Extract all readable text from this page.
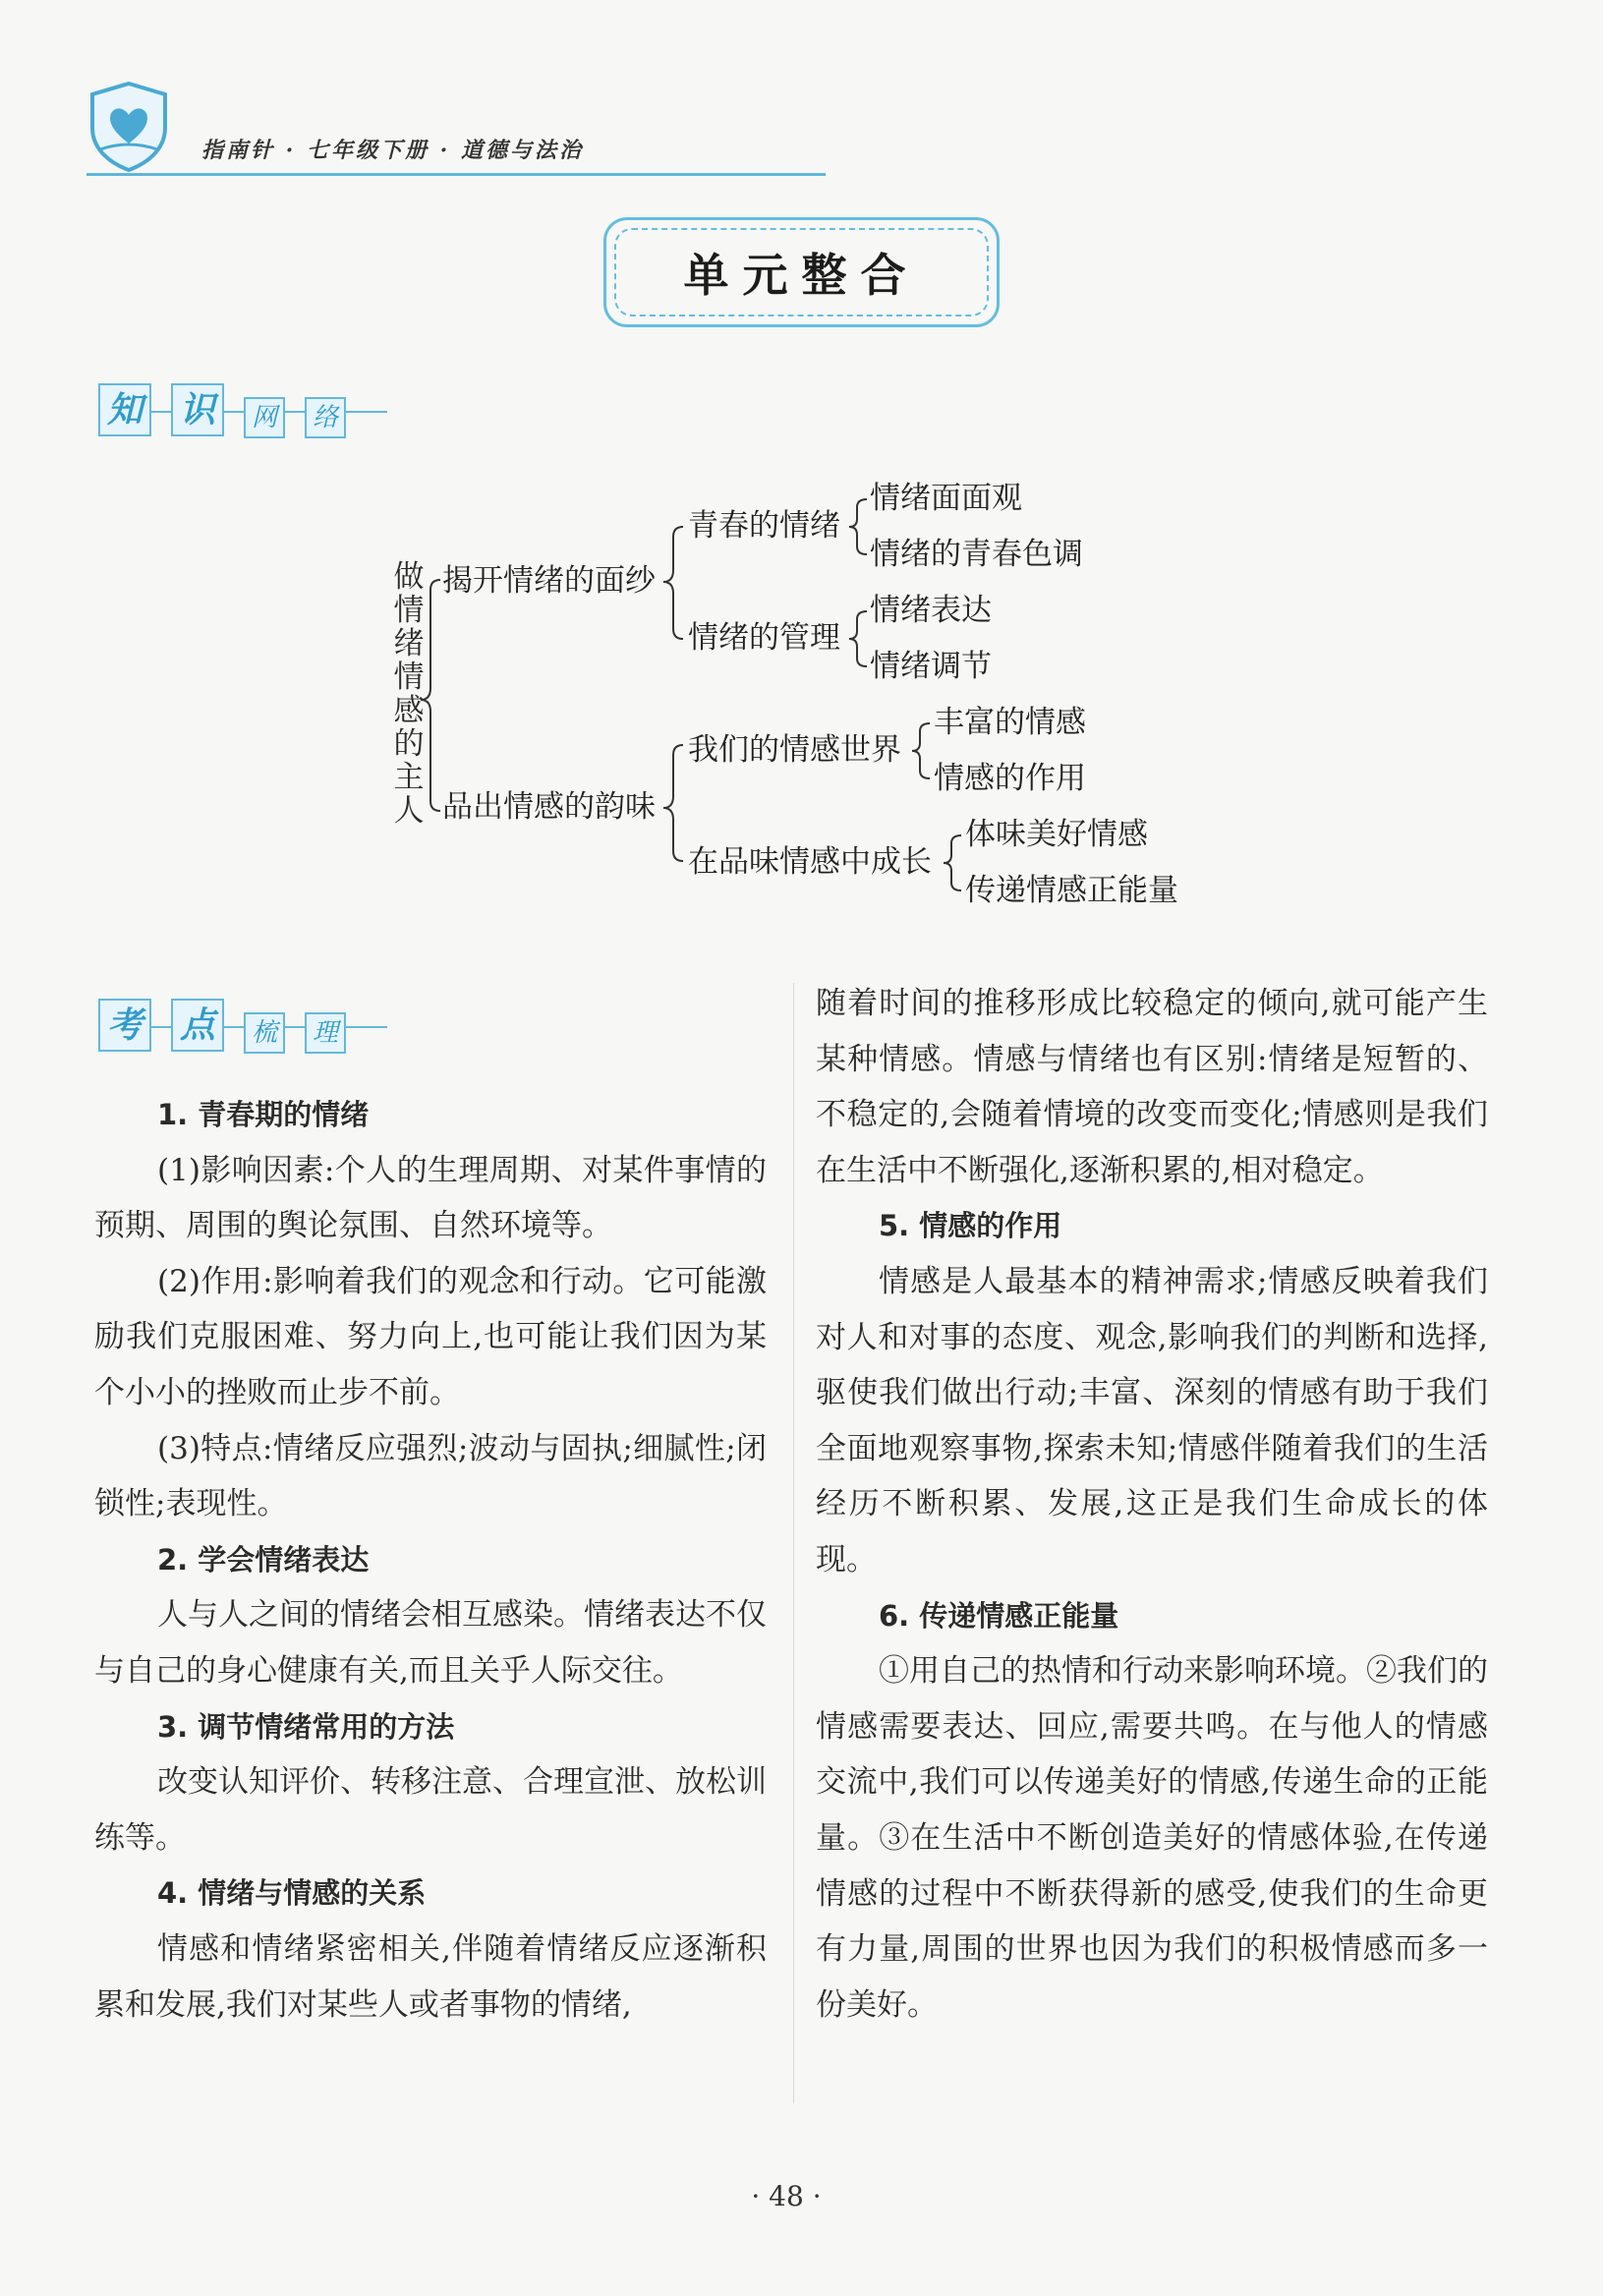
指南针 · 七年级下册 · 道德与法治
单元整合
知 识	网	络
做情绪情感的主人
揭开情绪的面纱
青春的情绪
情绪面面观
情绪的青春色调
情绪的管理
情绪表达
情绪调节
品出情感的韵味
我们的情感世界
丰富的情感
情感的作用
在品味情感中成长
体味美好情感
传递情感正能量
考 点	梳	理

1. 青春期的情绪

(1)影响因素:个人的生理周期、对某件事情的预期、周围的舆论氛围、自然环境等。

(2)作用:影响着我们的观念和行动。它可能激励我们克服困难、努力向上,也可能让我们因为某个小小的挫败而止步不前。

(3)特点:情绪反应强烈;波动与固执;细腻性;闭锁性;表现性。

2. 学会情绪表达

人与人之间的情绪会相互感染。情绪表达不仅与自己的身心健康有关,而且关乎人际交往。

3. 调节情绪常用的方法

改变认知评价、转移注意、合理宣泄、放松训练等。

4. 情绪与情感的关系

情感和情绪紧密相关,伴随着情绪反应逐渐积累和发展,我们对某些人或者事物的情绪,

随着时间的推移形成比较稳定的倾向,就可能产生某种情感。情感与情绪也有区别:情绪是短暂的、不稳定的,会随着情境的改变而变化;情感则是我们在生活中不断强化,逐渐积累的,相对稳定。

5. 情感的作用

情感是人最基本的精神需求;情感反映着我们对人和对事的态度、观念,影响我们的判断和选择,驱使我们做出行动;丰富、深刻的情感有助于我们全面地观察事物,探索未知;情感伴随着我们的生活经历不断积累、发展,这正是我们生命成长的体现。

6. 传递情感正能量

①用自己的热情和行动来影响环境。②我们的情感需要表达、回应,需要共鸣。在与他人的情感交流中,我们可以传递美好的情感,传递生命的正能量。③在生活中不断创造美好的情感体验,在传递情感的过程中不断获得新的感受,使我们的生命更有力量,周围的世界也因为我们的积极情感而多一份美好。

· 48 ·
